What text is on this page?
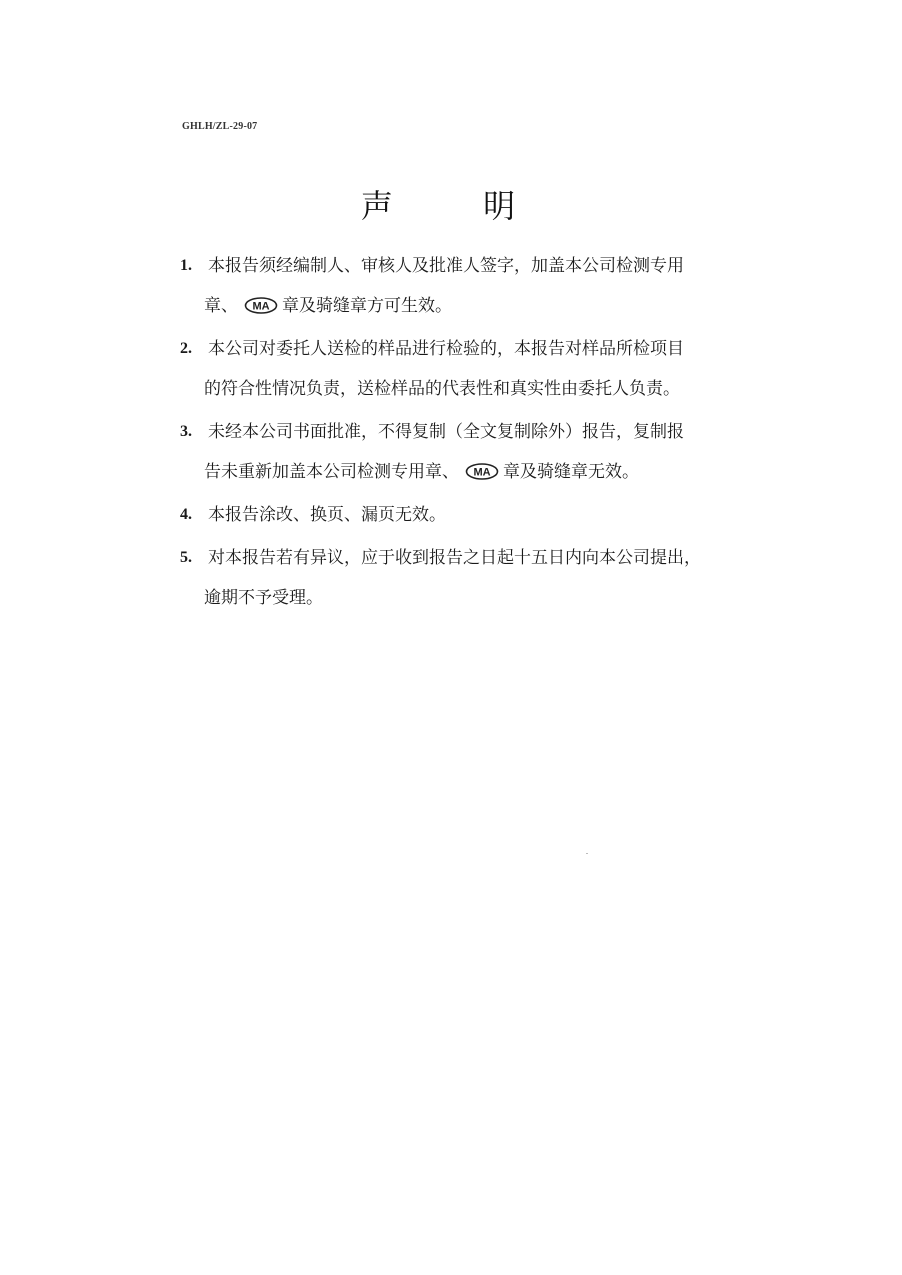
GHLH/ZL-29-07
声 明
1. 本报告须经编制人、审核人及批准人签字，加盖本公司检测专用
章、 MA 章及骑缝章方可生效。
2. 本公司对委托人送检的样品进行检验的，本报告对样品所检项目
的符合性情况负责，送检样品的代表性和真实性由委托人负责。
3. 未经本公司书面批准，不得复制（全文复制除外）报告，复制报
告未重新加盖本公司检测专用章、 MA 章及骑缝章无效。
4. 本报告涂改、换页、漏页无效。
5. 对本报告若有异议，应于收到报告之日起十五日内向本公司提出，
逾期不予受理。
